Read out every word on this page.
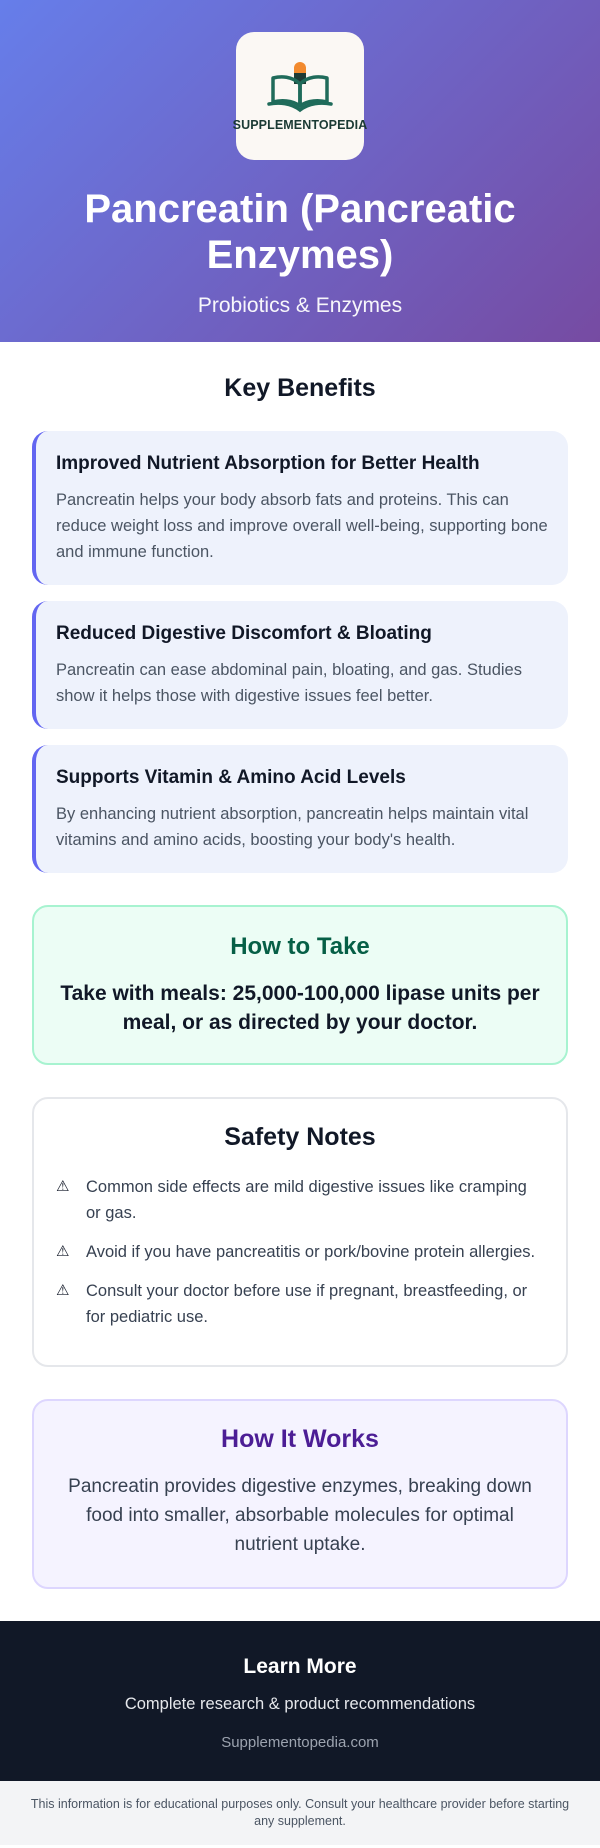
SUPPLEMENTOPEDIA
Pancreatin (Pancreatic Enzymes)
Probiotics & Enzymes
Key Benefits
Improved Nutrient Absorption for Better Health

Pancreatin helps your body absorb fats and proteins. This can reduce weight loss and improve overall well-being, supporting bone and immune function.

Reduced Digestive Discomfort & Bloating

Pancreatin can ease abdominal pain, bloating, and gas. Studies show it helps those with digestive issues feel better.

Supports Vitamin & Amino Acid Levels

By enhancing nutrient absorption, pancreatin helps maintain vital vitamins and amino acids, boosting your body's health.

How to Take

Take with meals: 25,000-100,000 lipase units per meal, or as directed by your doctor.

Safety Notes
⚠	Common side effects are mild digestive issues like cramping or gas.
⚠	Avoid if you have pancreatitis or pork/bovine protein allergies.
⚠	Consult your doctor before use if pregnant, breastfeeding, or for pediatric use.
How It Works

Pancreatin provides digestive enzymes, breaking down food into smaller, absorbable molecules for optimal nutrient uptake.

Learn More
Complete research & product recommendations
Supplementopedia.com
This information is for educational purposes only. Consult your healthcare provider before starting any supplement.
